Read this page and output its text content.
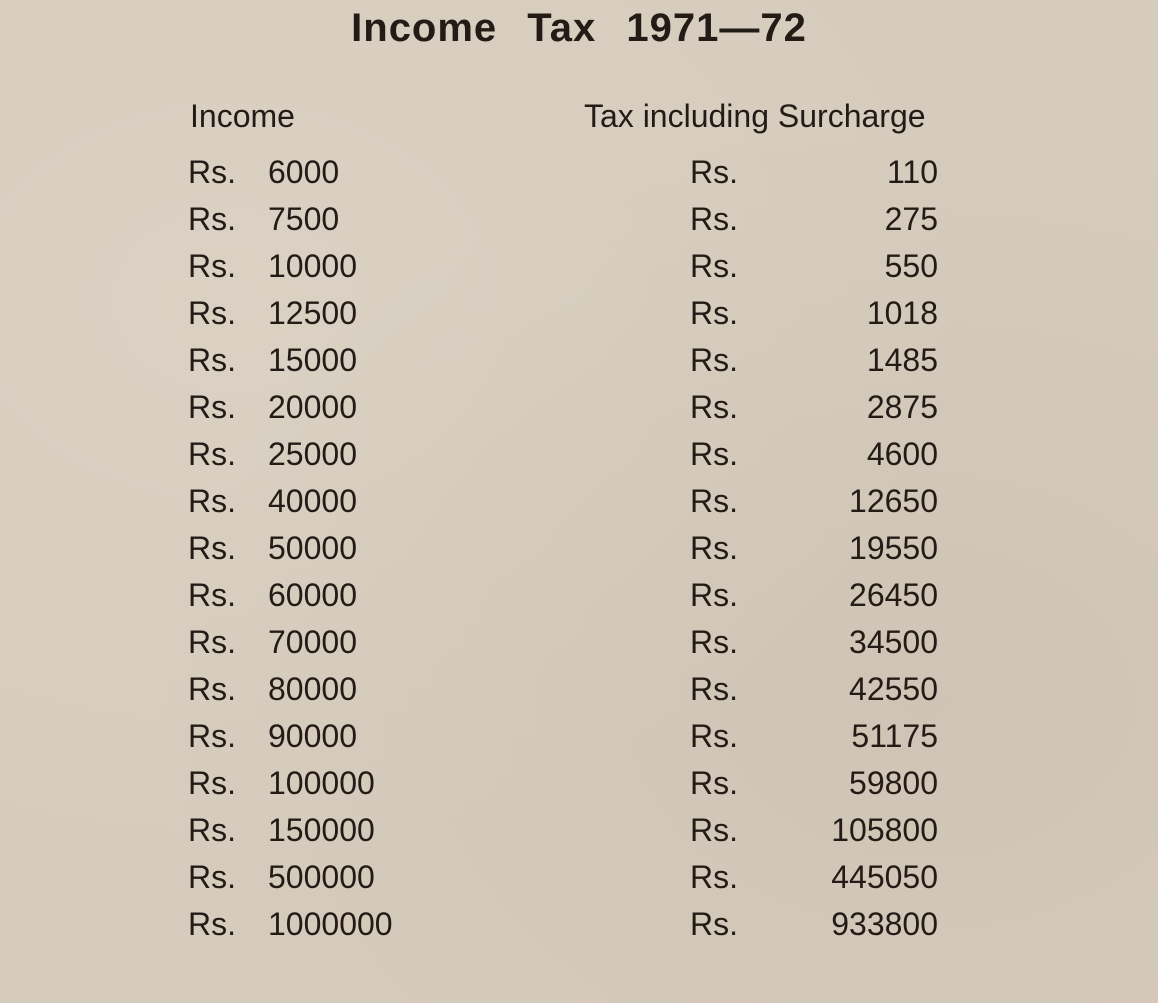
Income Tax 1971—72
Income	Tax including Surcharge
Rs. 6000	Rs.	110
Rs. 7500	Rs.	275
Rs. 10000	Rs.	550
Rs. 12500	Rs.	1018
Rs. 15000	Rs.	1485
Rs. 20000	Rs.	2875
Rs. 25000	Rs.	4600
Rs. 40000	Rs.	12650
Rs. 50000	Rs.	19550
Rs. 60000	Rs.	26450
Rs. 70000	Rs.	34500
Rs. 80000	Rs.	42550
Rs. 90000	Rs.	51175
Rs. 100000	Rs.	59800
Rs. 150000	Rs.	105800
Rs. 500000	Rs.	445050
Rs. 1000000	Rs.	933800
